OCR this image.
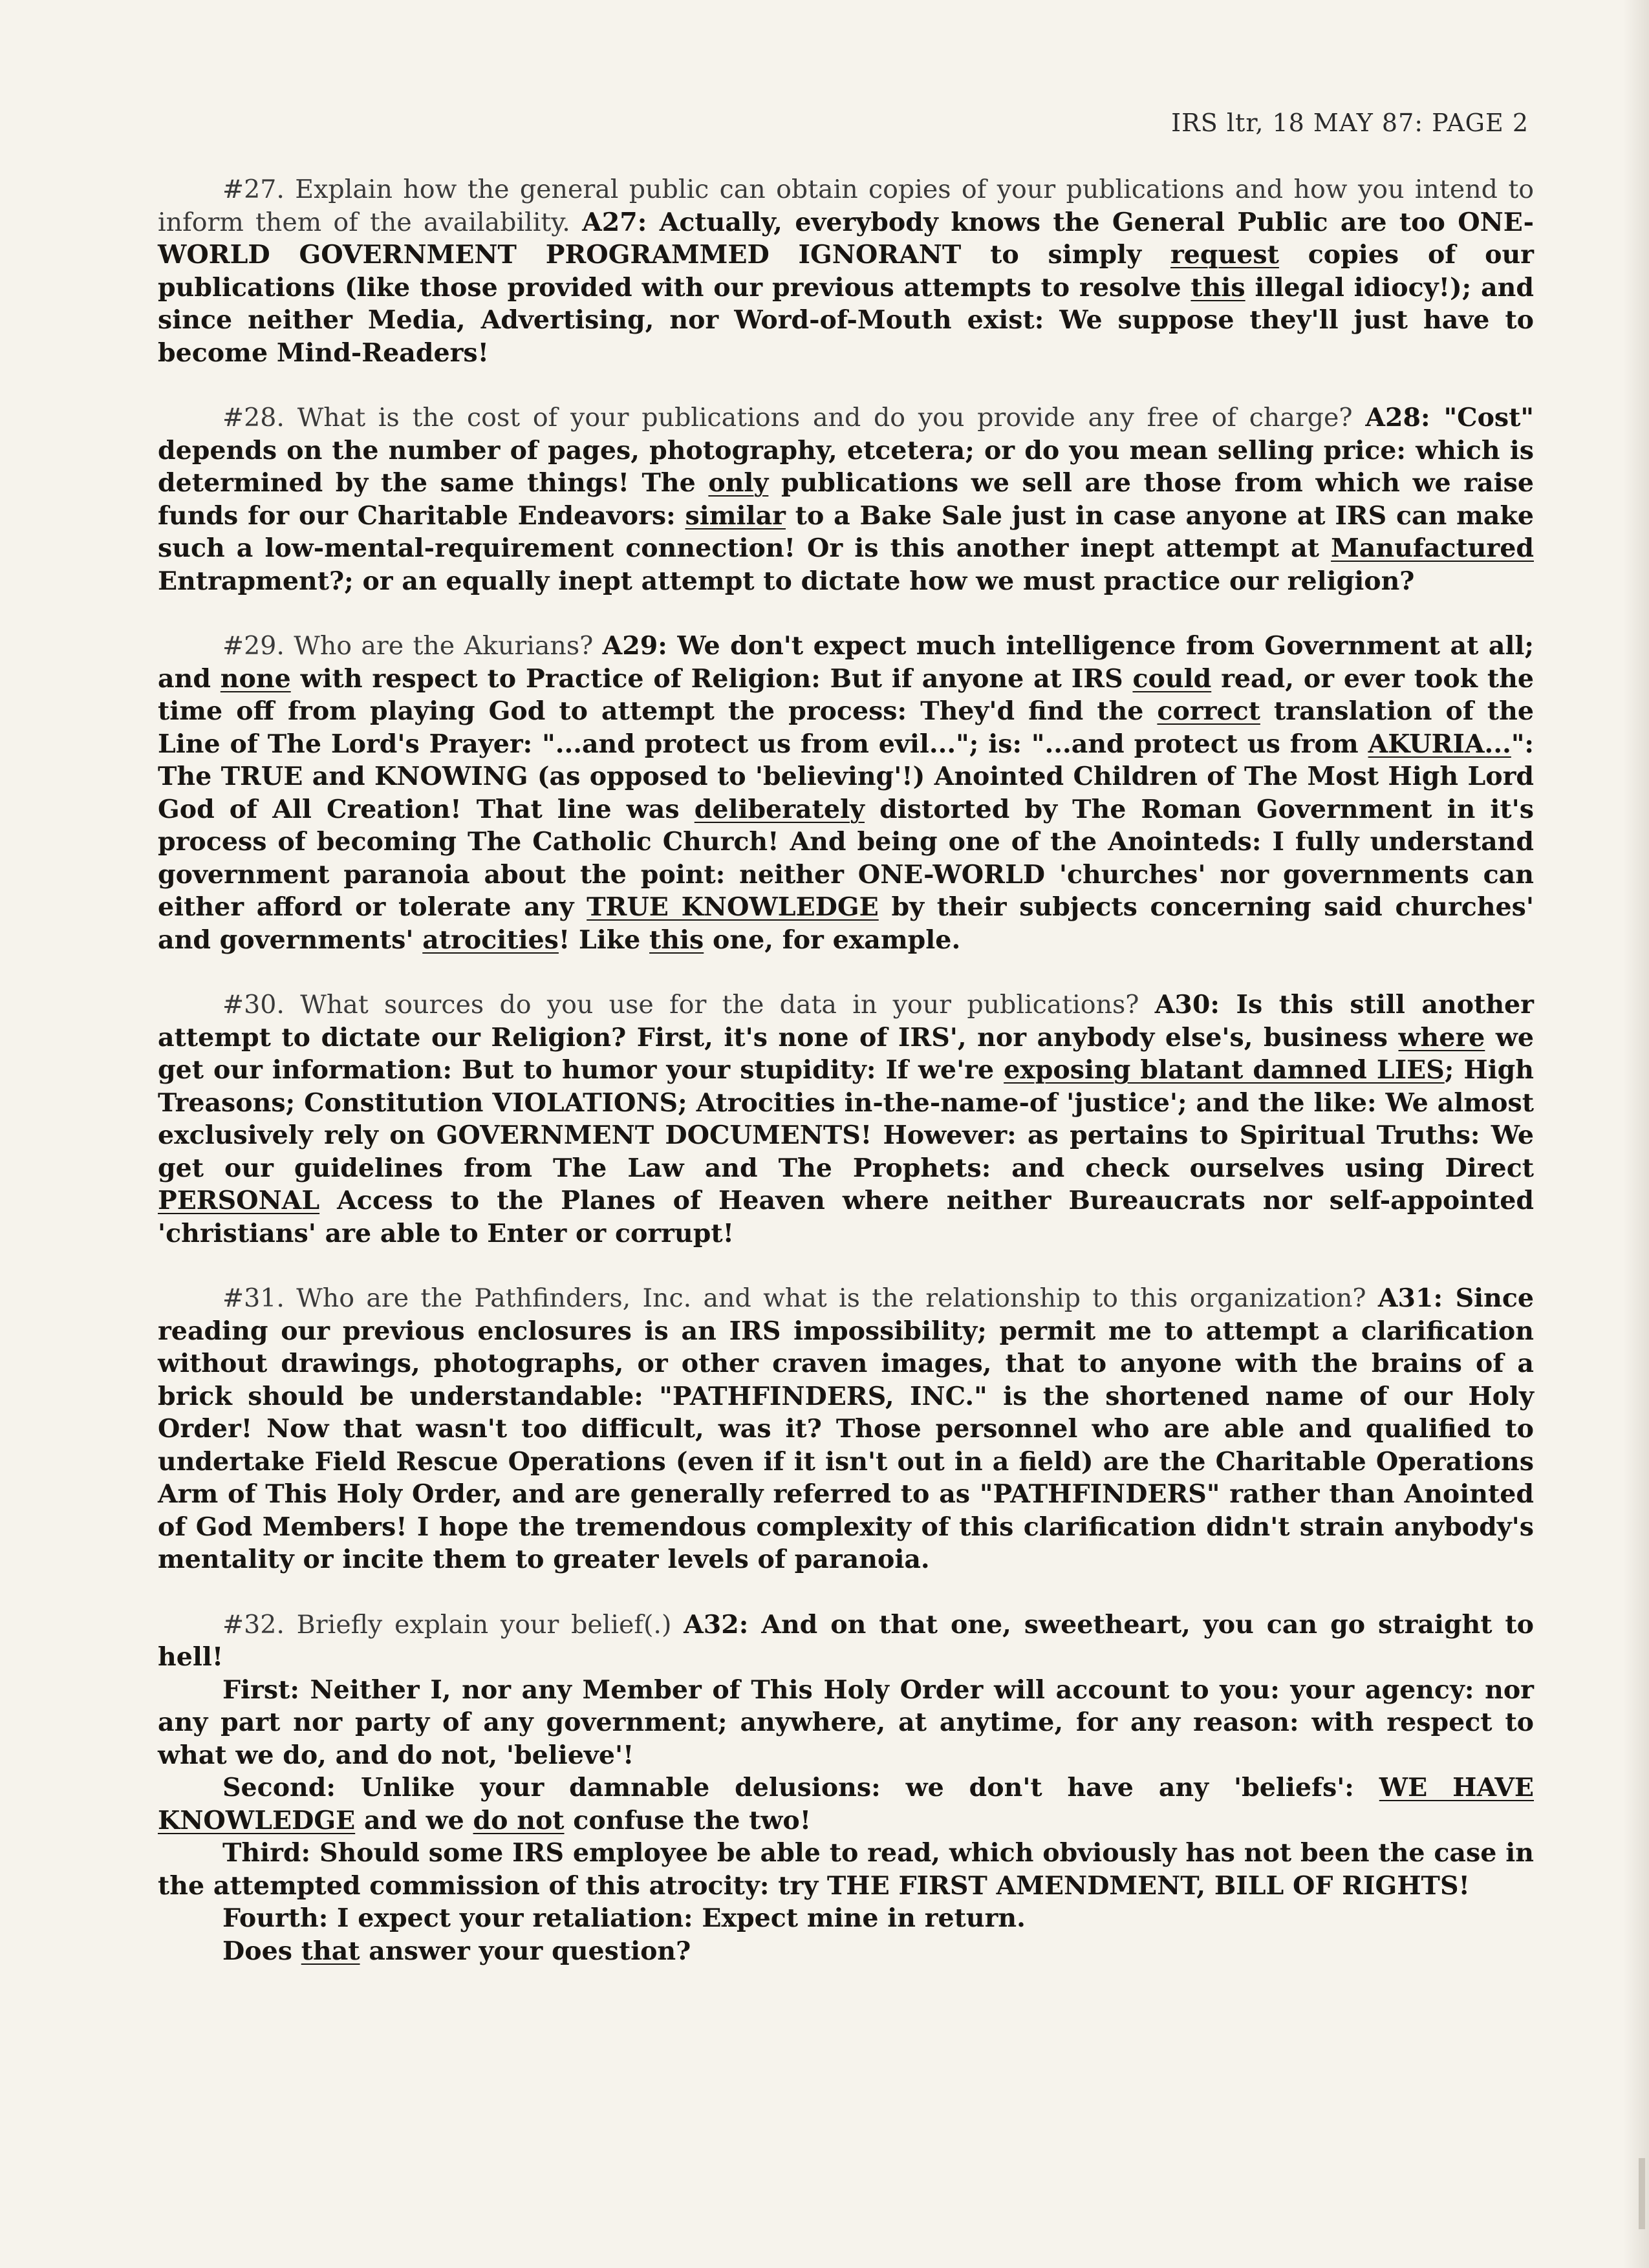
IRS ltr, 18 MAY 87: PAGE 2

#27. Explain how the general public can obtain copies of your publications and how you intend to inform them of the availability. A27: Actually, everybody knows the General Public are too ONE-WORLD GOVERNMENT PROGRAMMED IGNORANT to simply request copies of our publications (like those provided with our previous attempts to resolve this illegal idiocy!); and since neither Media, Advertising, nor Word-of-Mouth exist: We suppose they'll just have to become Mind-Readers!

#28. What is the cost of your publications and do you provide any free of charge? A28: "Cost" depends on the number of pages, photography, etcetera; or do you mean selling price: which is determined by the same things! The only publications we sell are those from which we raise funds for our Charitable Endeavors: similar to a Bake Sale just in case anyone at IRS can make such a low-mental-requirement connection! Or is this another inept attempt at Manufactured Entrapment?; or an equally inept attempt to dictate how we must practice our religion?

#29. Who are the Akurians? A29: We don't expect much intelligence from Government at all; and none with respect to Practice of Religion: But if anyone at IRS could read, or ever took the time off from playing God to attempt the process: They'd find the correct translation of the Line of The Lord's Prayer: "...and protect us from evil..."; is: "...and protect us from AKURIA...": The TRUE and KNOWING (as opposed to 'believing'!) Anointed Children of The Most High Lord God of All Creation! That line was deliberately distorted by The Roman Government in it's process of becoming The Catholic Church! And being one of the Anointeds: I fully understand government paranoia about the point: neither ONE-WORLD 'churches' nor governments can either afford or tolerate any TRUE KNOWLEDGE by their subjects concerning said churches' and governments' atrocities! Like this one, for example.

#30. What sources do you use for the data in your publications? A30: Is this still another attempt to dictate our Religion? First, it's none of IRS', nor anybody else's, business where we get our information: But to humor your stupidity: If we're exposing blatant damned LIES; High Treasons; Constitution VIOLATIONS; Atrocities in-the-name-of 'justice'; and the like: We almost exclusively rely on GOVERNMENT DOCUMENTS! However: as pertains to Spiritual Truths: We get our guidelines from The Law and The Prophets: and check ourselves using Direct PERSONAL Access to the Planes of Heaven where neither Bureaucrats nor self-appointed 'christians' are able to Enter or corrupt!

#31. Who are the Pathfinders, Inc. and what is the relationship to this organization? A31: Since reading our previous enclosures is an IRS impossibility; permit me to attempt a clarification without drawings, photographs, or other craven images, that to anyone with the brains of a brick should be understandable: "PATHFINDERS, INC." is the shortened name of our Holy Order! Now that wasn't too difficult, was it? Those personnel who are able and qualified to undertake Field Rescue Operations (even if it isn't out in a field) are the Charitable Operations Arm of This Holy Order, and are generally referred to as "PATHFINDERS" rather than Anointed of God Members! I hope the tremendous complexity of this clarification didn't strain anybody's mentality or incite them to greater levels of paranoia.

#32. Briefly explain your belief(.) A32: And on that one, sweetheart, you can go straight to hell!

First: Neither I, nor any Member of This Holy Order will account to you: your agency: nor any part nor party of any government; anywhere, at anytime, for any reason: with respect to what we do, and do not, 'believe'!

Second: Unlike your damnable delusions: we don't have any 'beliefs': WE HAVE KNOWLEDGE and we do not confuse the two!

Third: Should some IRS employee be able to read, which obviously has not been the case in the attempted commission of this atrocity: try THE FIRST AMENDMENT, BILL OF RIGHTS!

Fourth: I expect your retaliation: Expect mine in return.

Does that answer your question?
